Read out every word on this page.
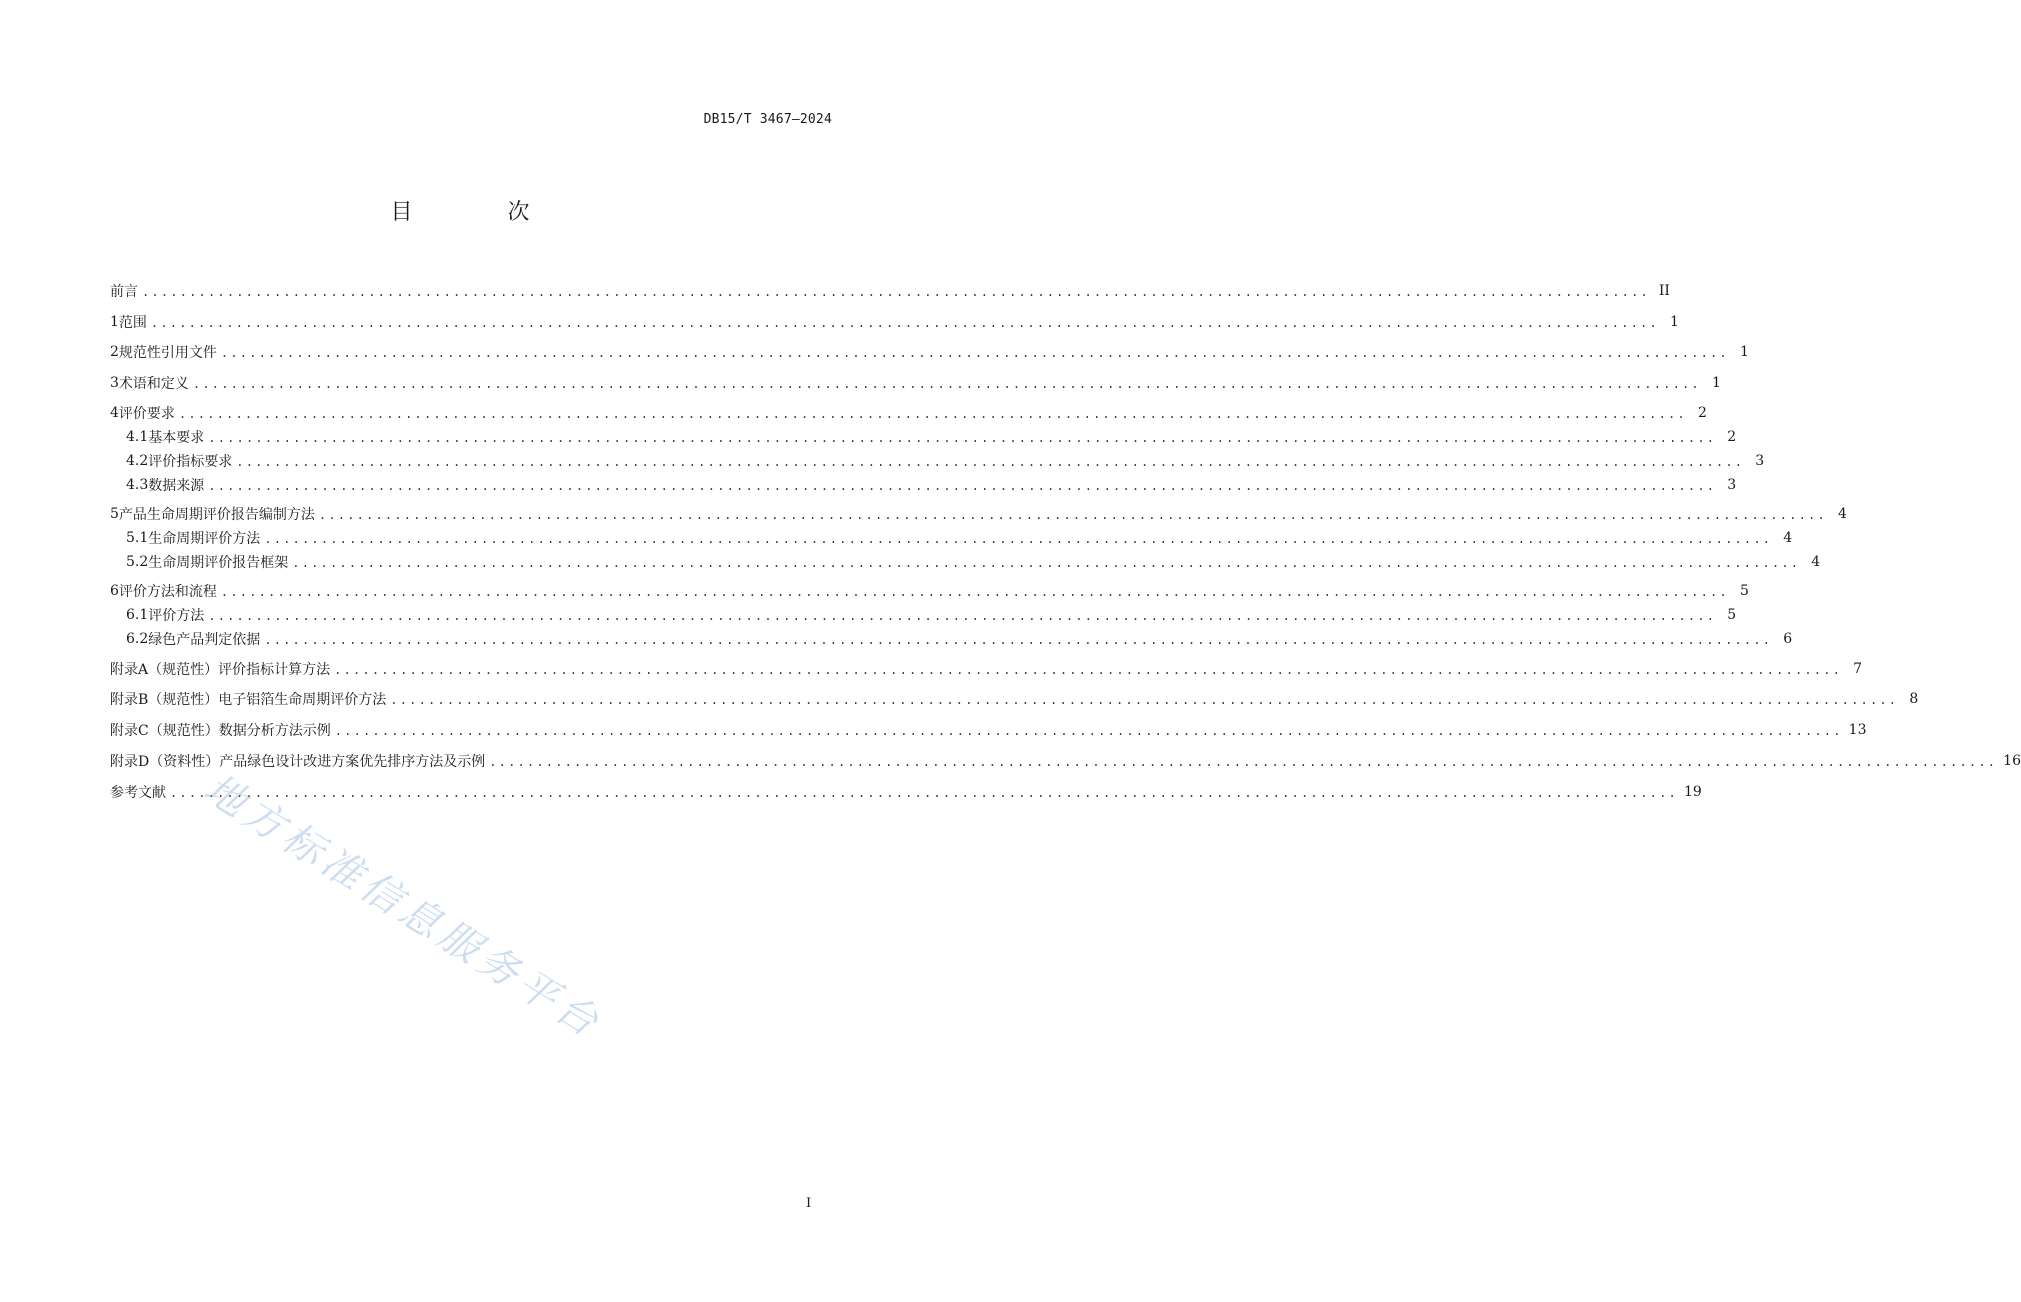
DB15/T 3467—2024
目 次
前言 ................................................................................................................................................................ II
1 范围 ................................................................................................................................................................ 1
2 规范性引用文件 ................................................................................................................................................................ 1
3 术语和定义 ................................................................................................................................................................ 1
4 评价要求 ................................................................................................................................................................ 2
4.1 基本要求 ................................................................................................................................................................ 2
4.2 评价指标要求 ................................................................................................................................................................ 3
4.3 数据来源 ................................................................................................................................................................ 3
5 产品生命周期评价报告编制方法 ................................................................................................................................................................ 4
5.1 生命周期评价方法 ................................................................................................................................................................ 4
5.2 生命周期评价报告框架 ................................................................................................................................................................ 4
6 评价方法和流程 ................................................................................................................................................................ 5
6.1 评价方法 ................................................................................................................................................................ 5
6.2 绿色产品判定依据 ................................................................................................................................................................ 6
附录A（规范性） 评价指标计算方法 ................................................................................................................................................................ 7
附录B（规范性） 电子铝箔生命周期评价方法 ................................................................................................................................................................ 8
附录C（规范性） 数据分析方法示例 ................................................................................................................................................................ 13
附录D（资料性） 产品绿色设计改进方案优先排序方法及示例 ................................................................................................................................................................ 16
参考文献 ................................................................................................................................................................ 19
地方标准信息服务平台
I
